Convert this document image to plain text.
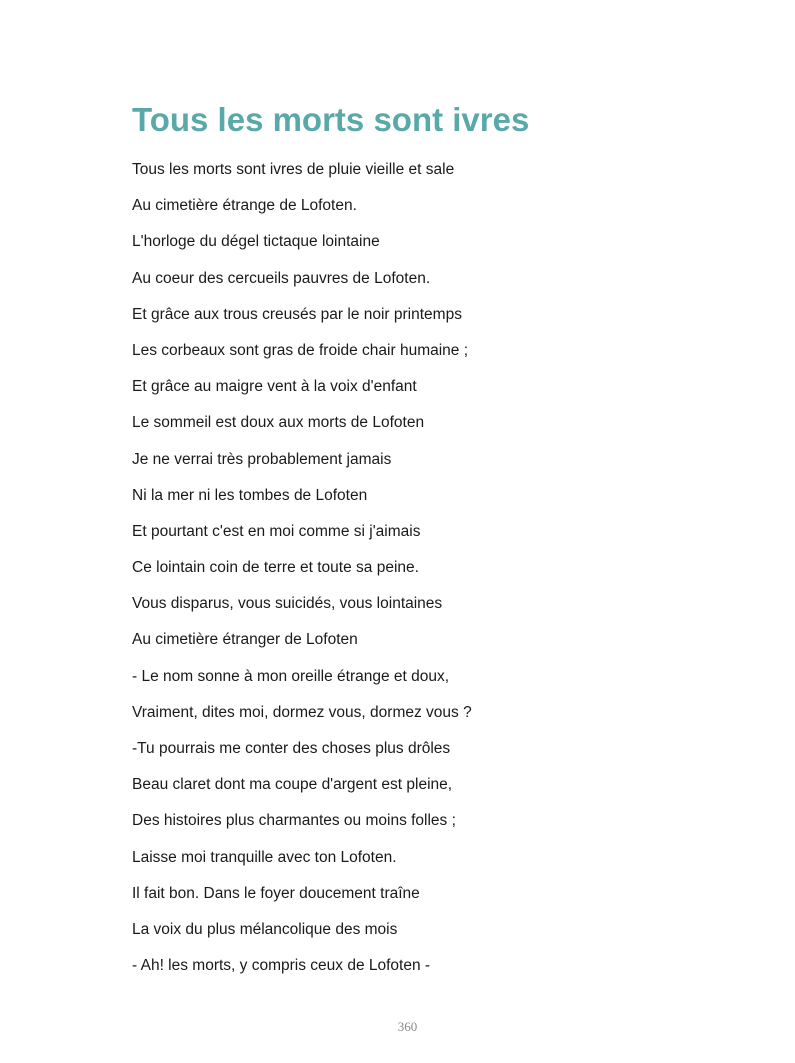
Tous les morts sont ivres
Tous les morts sont ivres de pluie vieille et sale
Au cimetière étrange de Lofoten.
L'horloge du dégel tictaque lointaine
Au coeur des cercueils pauvres de Lofoten.
Et grâce aux trous creusés par le noir printemps
Les corbeaux sont gras de froide chair humaine ;
Et grâce au maigre vent à la voix d'enfant
Le sommeil est doux aux morts de Lofoten
Je ne verrai très probablement jamais
Ni la mer ni les tombes de Lofoten
Et pourtant c'est en moi comme si j'aimais
Ce lointain coin de terre et toute sa peine.
Vous disparus, vous suicidés, vous lointaines
Au cimetière étranger de Lofoten
- Le nom sonne à mon oreille étrange et doux,
Vraiment, dites moi, dormez vous, dormez vous ?
-Tu pourrais me conter des choses plus drôles
Beau claret dont ma coupe d'argent est pleine,
Des histoires plus charmantes ou moins folles ;
Laisse moi tranquille avec ton Lofoten.
Il fait bon. Dans le foyer doucement traîne
La voix du plus mélancolique des mois
- Ah! les morts, y compris ceux de Lofoten -
360
